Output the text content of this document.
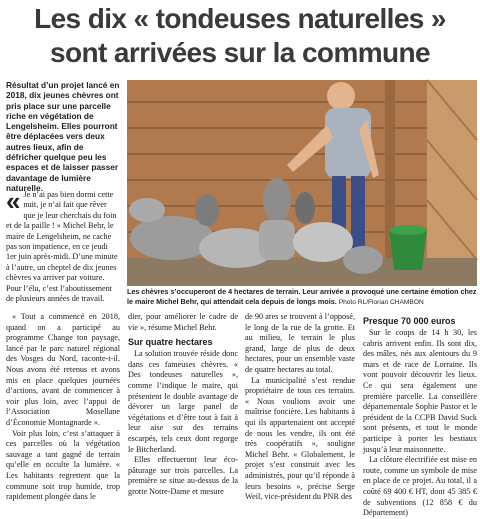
Les dix « tondeuses naturelles »
sont arrivées sur la commune
Résultat d’un projet lancé en 2018, dix jeunes chèvres ont pris place sur une parcelle riche en végétation de Lengelsheim. Elles pourront être déplacées vers deux autres lieux, afin de défricher quelque peu les espaces et de laisser passer davantage de lumière naturelle.
« Je n’ai pas bien dormi cette nuit, je n’ai fait que rêver que je leur cherchais du foin et de la paille ! » Michel Behr, le maire de Lengelsheim, ne cache pas son impatience, en ce jeudi 1er juin après-midi. D’une minute à l’autre, un cheptel de dix jeunes chèvres va arriver par voiture. Pour l’élu, c’est l’aboutissement de plusieurs années de travail.
Les chèvres s’occuperont de 4 hectares de terrain. Leur arrivée a provoqué une certaine émotion chez le maire Michel Behr, qui attendait cela depuis de longs mois. Photo RL/Florian CHAMBON

« Tout a commencé en 2018, quand on a participé au programme Change ton paysage, lancé par le parc naturel régional des Vosges du Nord, raconte-t-il. Nous avons été retenus et avons mis en place quelques journées d’actions, avant de commencer à voir plus loin, avec l’appui de l’Association Mosellane d’Économie Montagnarde ».

Voir plus loin, c’est s’attaquer à ces parcelles où la végétation sauvage a tant gagné de terrain qu’elle en occulte la lumière. « Les habitants regrettent que la commune soit trop humide, trop rapidement plongée dans le

dier, pour améliorer le cadre de vie », résume Michel Behr.

Sur quatre hectares

La solution trouvée réside donc dans ces fameuses chèvres. « Des tondeuses naturelles », comme l’indique le maire, qui présentent le double avantage de dévorer un large panel de végétations et d’être tout à fait à leur aise sur des terrains escarpés, tels ceux dont regorge le Bitcherland.

Elles effectueront leur éco-pâturage sur trois parcelles. La première se situe au-dessus de la grotte Notre-Dame et mesure

de 90 ares se trouvent à l’opposé, le long de la rue de la grotte. Et au milieu, le terrain le plus grand, large de plus de deux hectares, pour un ensemble vaste de quatre hectares au total.

La municipalité s’est rendue propriétaire de tous ces terrains. « Nous voulions avoir une maîtrise foncière. Les habitants à qui ils appartenaient ont accepté de nous les vendre, ils ont été très coopératifs », souligne Michel Behr. « Globalement, le projet s’est construit avec les administrés, pour qu’il réponde à leurs besoins », précise Serge Weil, vice-président du PNR des

Presque 70 000 euros

Sur le coups de 14 h 30, les cabris arrivent enfin. Ils sont dix, des mâles, nés aux alentours du 9 mars et de race de Lorraine. Ils vont pouvoir découvrir les lieux. Ce qui sera également une première parcelle. La conseillère départementale Sophie Pastor et le président de la CCPB David Suck sont présents, et tout le monde participe à porter les bestiaux jusqu’à leur maisonnette.

La clôture électrifiée est mise en route, comme un symbole de mise en place de ce projet. Au total, il a coûté 69 400 € HT, dont 45 385 € de subventions (12 858 € du Département)
